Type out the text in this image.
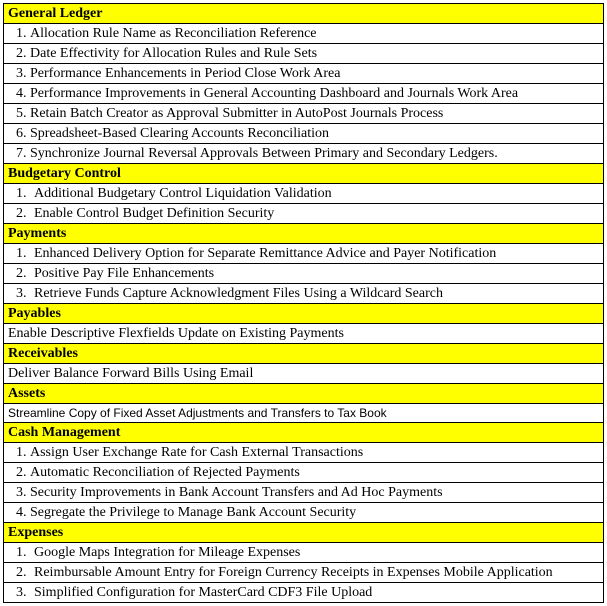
General Ledger
1 . Allocation Rule Name as Reconciliation Reference
2 . Date Effectivity for Allocation Rules and Rule Sets
3 . Performance Enhancements in Period Close Work Area
4 . Performance Improvements in General Accounting Dashboard and Journals Work Area
5 . Retain Batch Creator as Approval Submitter in AutoPost Journals Process
6 . Spreadsheet-Based Clearing Accounts Reconciliation
7 . Synchronize Journal Reversal Approvals Between Primary and Secondary Ledgers.
Budgetary Control
1 . Additional Budgetary Control Liquidation Validation
2 . Enable Control Budget Definition Security
Payments
1 . Enhanced Delivery Option for Separate Remittance Advice and Payer Notification
2 . Positive Pay File Enhancements
3 . Retrieve Funds Capture Acknowledgment Files Using a Wildcard Search
Payables
Enable Descriptive Flexfields Update on Existing Payments
Receivables
Deliver Balance Forward Bills Using Email
Assets
Streamline Copy of Fixed Asset Adjustments and Transfers to Tax Book
Cash Management
1 . Assign User Exchange Rate for Cash External Transactions
2 . Automatic Reconciliation of Rejected Payments
3 . Security Improvements in Bank Account Transfers and Ad Hoc Payments
4 . Segregate the Privilege to Manage Bank Account Security
Expenses
1 . Google Maps Integration for Mileage Expenses
2 . Reimbursable Amount Entry for Foreign Currency Receipts in Expenses Mobile Application
3 . Simplified Configuration for MasterCard CDF3 File Upload
